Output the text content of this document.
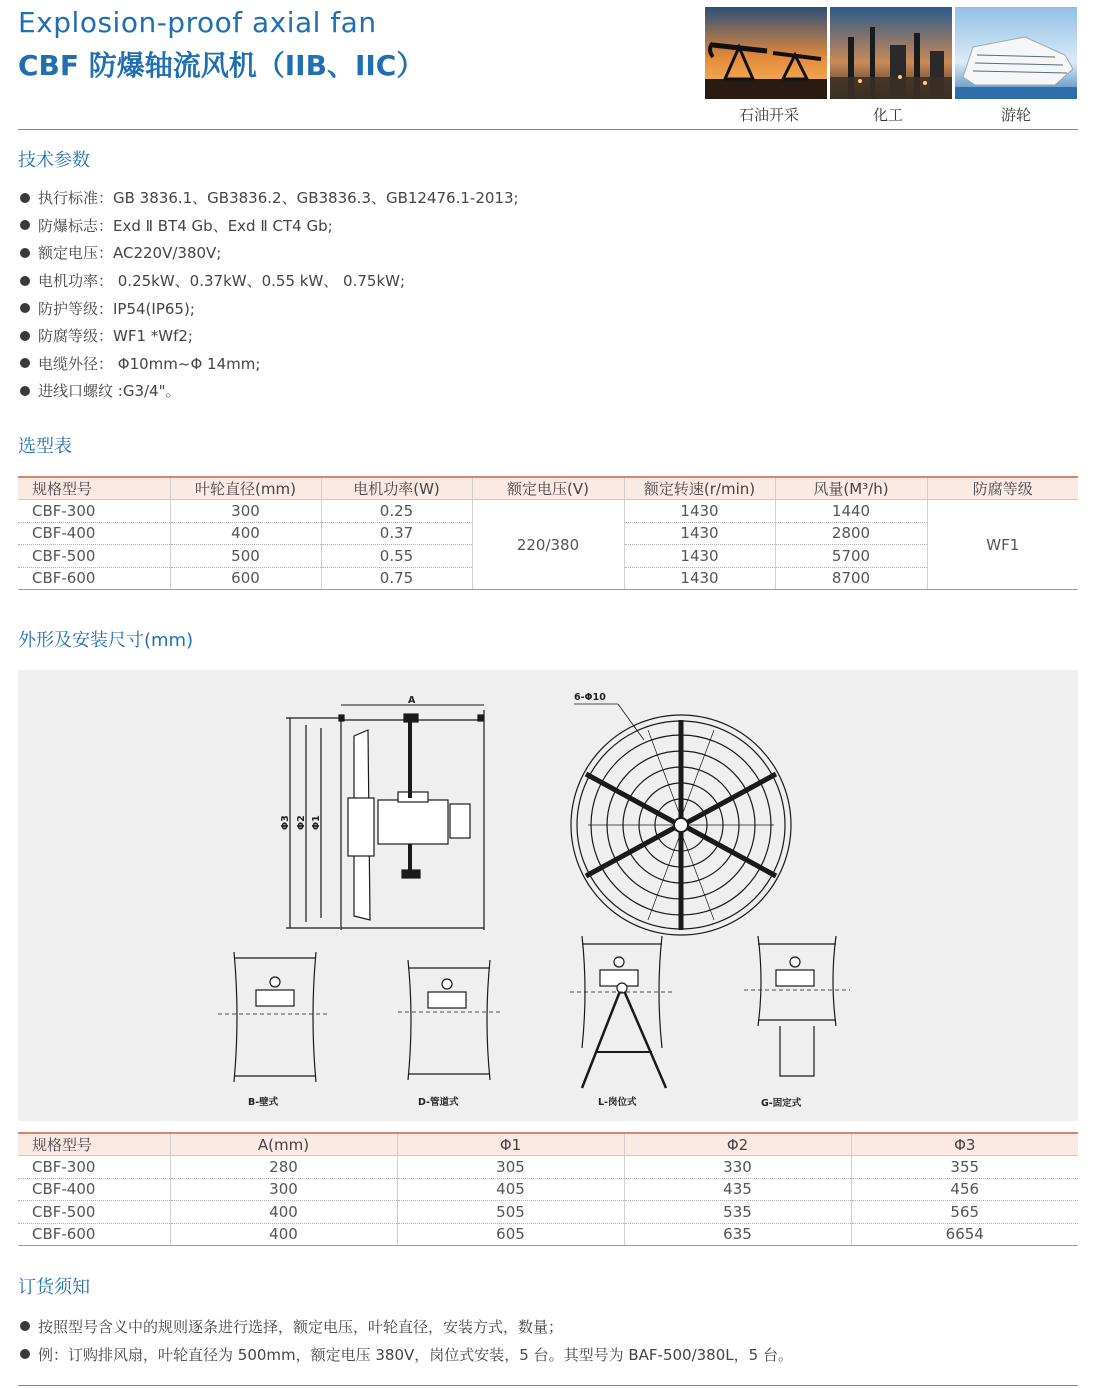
Explosion-proof axial fan
CBF 防爆轴流风机（IIB、IIC）
石油开采	化工	游轮
技术参数
执行标准：GB 3836.1、GB3836.2、GB3836.3、GB12476.1-2013;
防爆标志：Exd Ⅱ BT4 Gb、Exd Ⅱ CT4 Gb;
额定电压：AC220V/380V;
电机功率： 0.25kW、0.37kW、0.55 kW、 0.75kW;
防护等级：IP54(IP65);
防腐等级：WF1 *Wf2;
电缆外径： Φ10mm~Φ 14mm;
进线口螺纹 :G3/4"。
选型表
规格型号	叶轮直径(mm)	电机功率(W)	额定电压(V)	额定转速(r/min)	风量(M³/h)	防腐等级
CBF-300	300	0.25	220/380	1430	1440	WF1
CBF-400	400	0.37		1430	2800	
CBF-500	500	0.55		1430	5700	
CBF-600	600	0.75		1430	8700	
外形及安装尺寸(mm)
A
Φ3 Φ2 Φ1
6-Φ10
B-壁式	D-管道式	L-岗位式	G-固定式
规格型号	A(mm)	Φ1	Φ2	Φ3
CBF-300	280	305	330	355
CBF-400	300	405	435	456
CBF-500	400	505	535	565
CBF-600	400	605	635	6654
订货须知
按照型号含义中的规则逐条进行选择，额定电压，叶轮直径，安装方式，数量；
例：订购排风扇，叶轮直径为 500mm，额定电压 380V，岗位式安装，5 台。其型号为 BAF-500/380L，5 台。
